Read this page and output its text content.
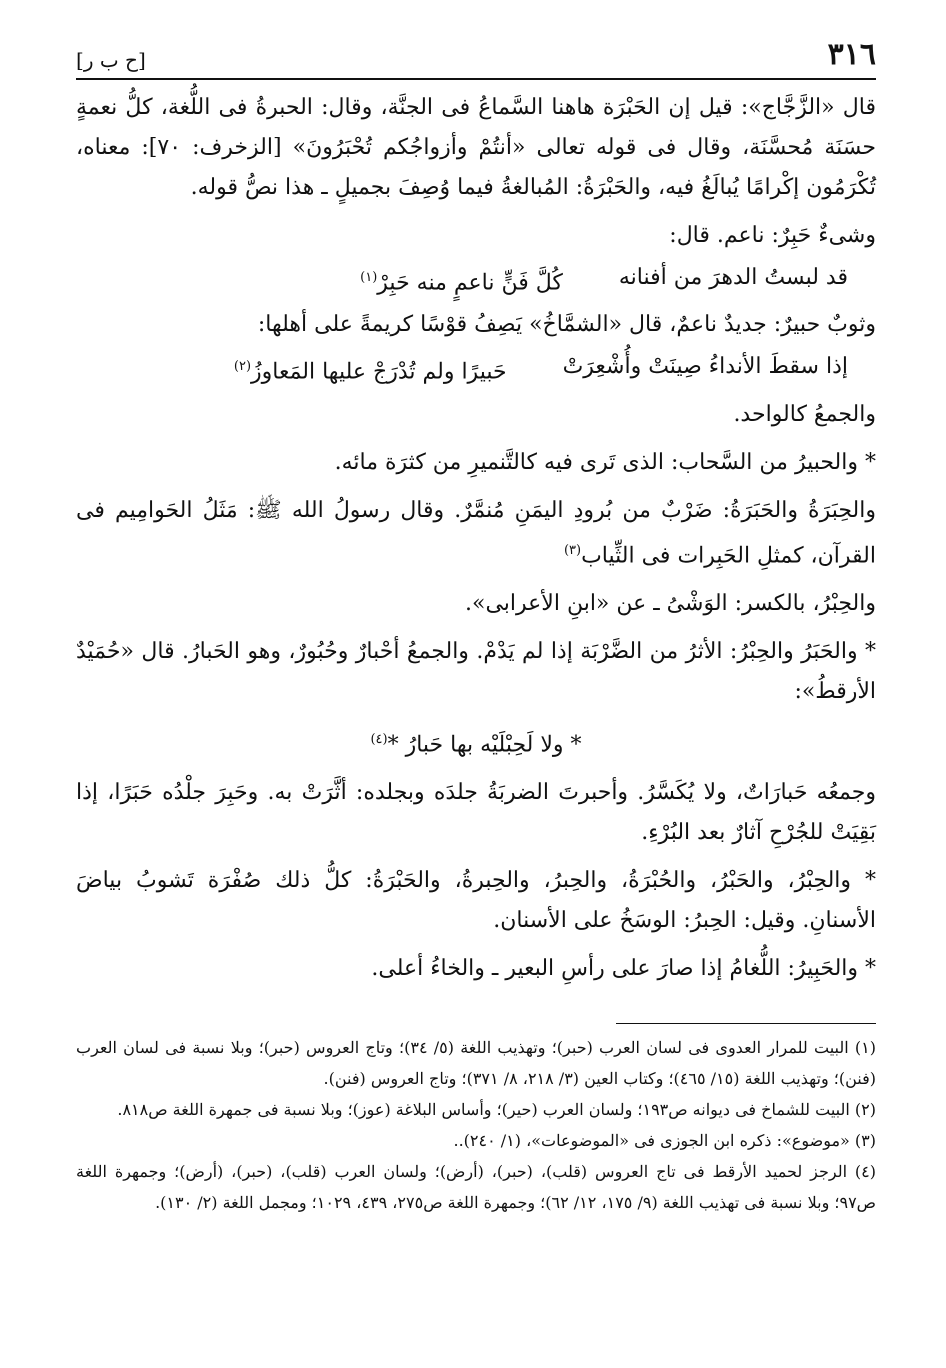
٣١٦
[ح ب ر]

قال «الزَّجَّاج»: قيل إن الحَبْرَة هاهنا السَّماعُ فى الجنَّة، وقال: الحبرةُ فى اللُّغة، كلُّ نعمةٍ حسَنَة مُحسَّنَة، وقال فى قوله تعالى «أنتُمْ وأزواجُكم تُحْبَرُونَ» [الزخرف: ٧٠]: معناه، تُكْرَمُون إكْرامًا يُبالَغُ فيه، والحَبْرَةُ: المُبالغةُ فيما وُصِفَ بجميلٍ ـ هذا نصُّ قوله.

وشىءٌ حَبِرٌ: ناعم. قال:

قد لبستُ الدهرَ من أفنانه
كُلَّ فَنٍّ ناعمٍ منه حَبِرْ$^{(١)}$

وثوبٌ حبيرٌ: جديدٌ ناعمٌ، قال «الشمَّاخُ» يَصِفُ قوْسًا كريمةً على أهلها:

إذا سقطَ الأنداءُ صِينَتْ وأُشْعِرَتْ
حَبيرًا ولم تُدْرَجْ عليها المَعاوزُ$^{(٢)}$

والجمعُ كالواحد.

* والحبيرُ من السَّحاب: الذى تَرى فيه كالتَّنميرِ من كثرَة مائه.

والحِبَرَةُ والحَبَرَةُ: ضَرْبٌ من بُرودِ اليمَنِ مُنمَّرٌ. وقال رسولُ الله ﷺ: مَثَلُ الحَوامِيم فى القرآن، كمثلِ الحَبِرات فى الثِّياب$^{(٣)}$

والحِبْرُ، بالكسر: الوَشْىُ ـ عن «ابنِ الأعرابى».

* والحَبَرُ والحِبْرُ: الأثرُ من الضَّرْبَة إذا لم يَدْمْ. والجمعُ أحْبارٌ وحُبُورٌ، وهو الحَبارُ. قال «حُمَيْدٌ الأرقطُ»:

* ولا لَحِبْلَيْه بها حَبارُ *$^{(٤)}$

وجمعُه حَبارَاتٌ، ولا يُكَسَّرُ. وأحبرتَ الضربَةُ جلدَه وبجلده: أثَّرَتْ به. وحَبِرَ جلْدُه حَبَرًا، إذا بَقِيَتْ للجُرْحِ آثارٌ بعد البُرْءِ.

* والحِبْرُ، والحَبْرُ، والحُبْرَةُ، والحِبرُ، والحِبرةُ، والحَبْرَةُ: كلُّ ذلك صُفْرَة تَشوبُ بياضَ الأسنانِ. وقيل: الحِبرُ: الوسَخُ على الأسنان.

* والحَبِيرُ: اللُّغامُ إذا صارَ على رأسِ البعير ـ والخاءُ أعلى.

(١) البيت للمرار العدوى فى لسان العرب (حبر)؛ وتهذيب اللغة (٥/ ٣٤)؛ وتاج العروس (حبر)؛ وبلا نسبة فى لسان العرب (فنن)؛ وتهذيب اللغة (١٥/ ٤٦٥)؛ وكتاب العين (٣/ ٢١٨، ٨/ ٣٧١)؛ وتاج العروس (فنن).

(٢) البيت للشماخ فى ديوانه ص١٩٣؛ ولسان العرب (حير)؛ وأساس البلاغة (عوز)؛ وبلا نسبة فى جمهرة اللغة ص٨١٨.

(٣) «موضوع»: ذكره ابن الجوزى فى «الموضوعات»، (١/ ٢٤٠)..

(٤) الرجز لحميد الأرقط فى تاج العروس (قلب)، (حبر)، (أرض)؛ ولسان العرب (قلب)، (حبر)، (أرض)؛ وجمهرة اللغة ص٩٧؛ وبلا نسبة فى تهذيب اللغة (٩/ ١٧٥، ١٢/ ٦٢)؛ وجمهرة اللغة ص٢٧٥، ٤٣٩، ١٠٢٩؛ ومجمل اللغة (٢/ ١٣٠).
